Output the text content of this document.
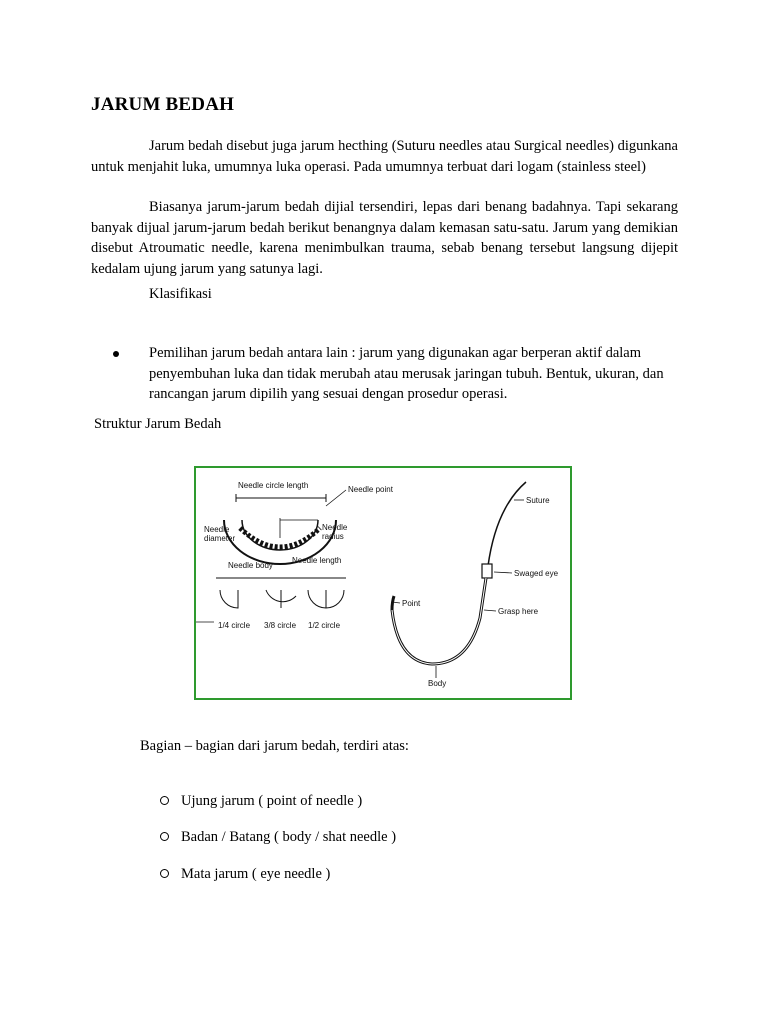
JARUM BEDAH

Jarum bedah disebut juga jarum hecthing (Suturu needles atau Surgical needles) digunkana untuk menjahit luka, umumnya luka operasi. Pada umumnya terbuat dari logam (stainless steel)

Biasanya jarum-jarum bedah dijial tersendiri, lepas dari benang badahnya. Tapi sekarang banyak dijual jarum-jarum bedah berikut benangnya dalam kemasan satu-satu. Jarum yang demikian disebut Atroumatic needle, karena menimbulkan trauma, sebab benang tersebut langsung dijepit kedalam ujung jarum yang satunya lagi.

Klasifikasi
Pemilihan jarum bedah antara lain : jarum yang digunakan agar berperan aktif dalam
penyembuhan luka dan tidak merubah atau merusak jaringan tubuh. Bentuk, ukuran, dan
rancangan jarum dipilih yang sesuai dengan prosedur operasi.
Struktur Jarum Bedah
Needle circle length	Needle point
Needle
diameter
Needle
radius
Needle body
Needle length
1/4 circle 3/8 circle 1/2 circle
Suture
Swaged eye
Point
Grasp here
Body
Bagian – bagian dari jarum bedah, terdiri atas:
Ujung jarum ( point of needle )
Badan / Batang ( body / shat needle )
Mata jarum ( eye needle )
